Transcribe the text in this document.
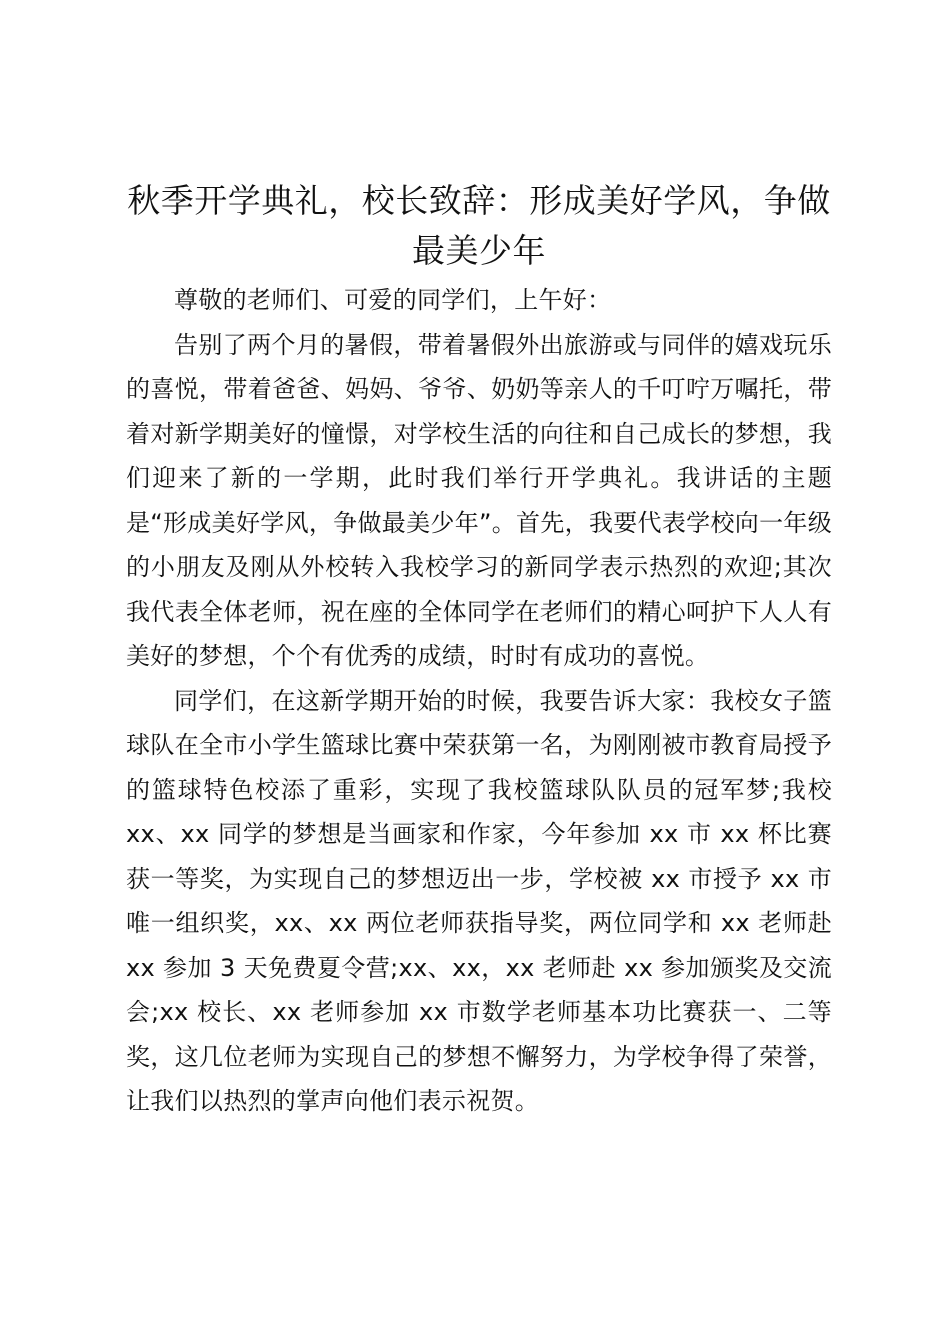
秋季开学典礼，校长致辞：形成美好学风，争做最美少年

尊敬的老师们、可爱的同学们，上午好：

告别了两个月的暑假，带着暑假外出旅游或与同伴的嬉戏玩乐的喜悦，带着爸爸、妈妈、爷爷、奶奶等亲人的千叮咛万嘱托，带着对新学期美好的憧憬，对学校生活的向往和自己成长的梦想，我们迎来了新的一学期，此时我们举行开学典礼。我讲话的主题是“形成美好学风，争做最美少年”。首先，我要代表学校向一年级的小朋友及刚从外校转入我校学习的新同学表示热烈的欢迎;其次我代表全体老师，祝在座的全体同学在老师们的精心呵护下人人有美好的梦想，个个有优秀的成绩，时时有成功的喜悦。

同学们，在这新学期开始的时候，我要告诉大家：我校女子篮球队在全市小学生篮球比赛中荣获第一名，为刚刚被市教育局授予的篮球特色校添了重彩，实现了我校篮球队队员的冠军梦;我校 xx、xx 同学的梦想是当画家和作家，今年参加 xx 市 xx 杯比赛获一等奖，为实现自己的梦想迈出一步，学校被 xx 市授予 xx 市唯一组织奖，xx、xx 两位老师获指导奖，两位同学和 xx 老师赴 xx 参加 3 天免费夏令营;xx、xx，xx 老师赴 xx 参加颁奖及交流会;xx 校长、xx 老师参加 xx 市数学老师基本功比赛获一、二等奖，这几位老师为实现自己的梦想不懈努力，为学校争得了荣誉，让我们以热烈的掌声向他们表示祝贺。
